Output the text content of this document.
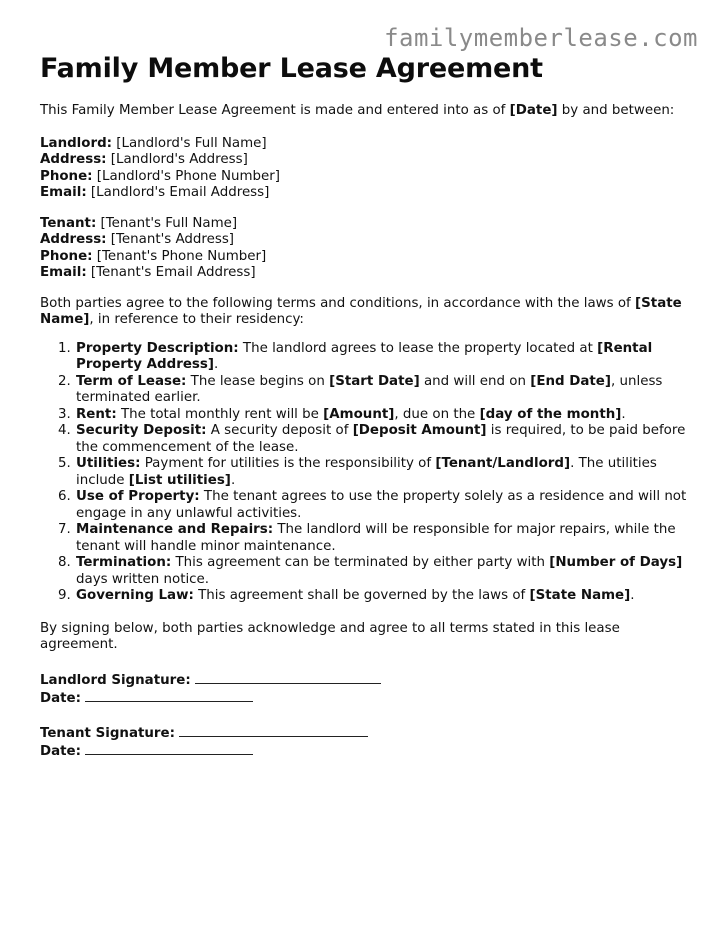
familymemberlease.com
Family Member Lease Agreement

This Family Member Lease Agreement is made and entered into as of [Date] by and between:

Landlord: [Landlord's Full Name]
Address: [Landlord's Address]
Phone: [Landlord's Phone Number]
Email: [Landlord's Email Address]
Tenant: [Tenant's Full Name]
Address: [Tenant's Address]
Phone: [Tenant's Phone Number]
Email: [Tenant's Email Address]

Both parties agree to the following terms and conditions, in accordance with the laws of [State Name], in reference to their residency:

1. Property Description: The landlord agrees to lease the property located at [Rental Property Address].
2. Term of Lease: The lease begins on [Start Date] and will end on [End Date], unless terminated earlier.
3. Rent: The total monthly rent will be [Amount], due on the [day of the month].
4. Security Deposit: A security deposit of [Deposit Amount] is required, to be paid before the commencement of the lease.
5. Utilities: Payment for utilities is the responsibility of [Tenant/Landlord]. The utilities include [List utilities].
6. Use of Property: The tenant agrees to use the property solely as a residence and will not engage in any unlawful activities.
7. Maintenance and Repairs: The landlord will be responsible for major repairs, while the tenant will handle minor maintenance.
8. Termination: This agreement can be terminated by either party with [Number of Days] days written notice.
9. Governing Law: This agreement shall be governed by the laws of [State Name].

By signing below, both parties acknowledge and agree to all terms stated in this lease agreement.

Landlord Signature:
Date:
Tenant Signature:
Date:
